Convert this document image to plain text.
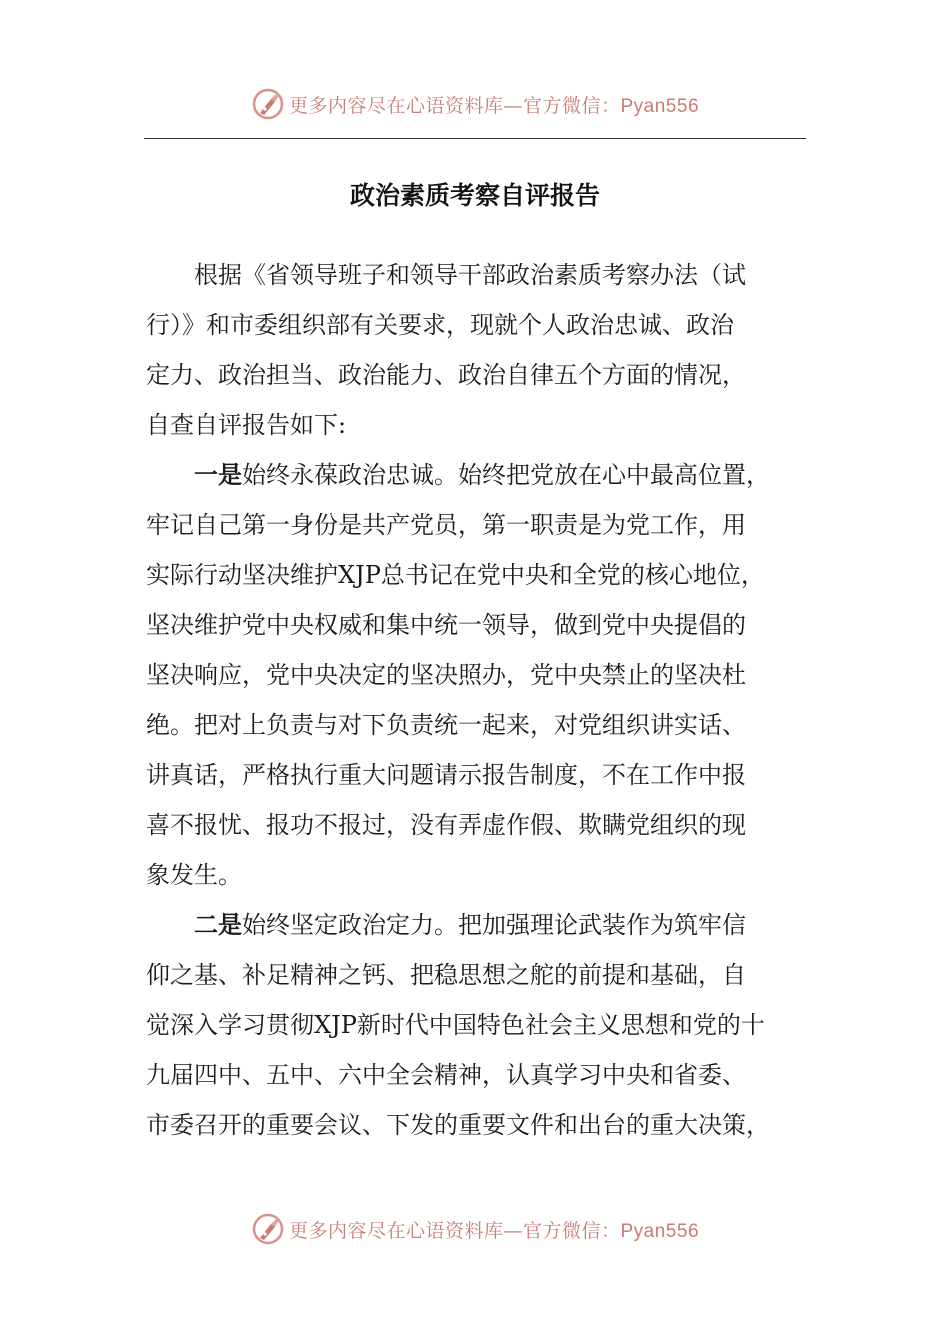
更多内容尽在心语资料库—官方微信：Pyan556
政治素质考察自评报告
根据《省领导班子和领导干部政治素质考察办法（试
行）》和市委组织部有关要求，现就个人政治忠诚、政治
定力、政治担当、政治能力、政治自律五个方面的情况，
自查自评报告如下:
一是始终永葆政治忠诚。始终把党放在心中最高位置，
牢记自己第一身份是共产党员，第一职责是为党工作，用
实际行动坚决维护XJP总书记在党中央和全党的核心地位，
坚决维护党中央权威和集中统一领导，做到党中央提倡的
坚决响应，党中央决定的坚决照办，党中央禁止的坚决杜
绝。把对上负责与对下负责统一起来，对党组织讲实话、
讲真话，严格执行重大问题请示报告制度，不在工作中报
喜不报忧、报功不报过，没有弄虚作假、欺瞒党组织的现
象发生。
二是始终坚定政治定力。把加强理论武装作为筑牢信
仰之基、补足精神之钙、把稳思想之舵的前提和基础，自
觉深入学习贯彻XJP新时代中国特色社会主义思想和党的十
九届四中、五中、六中全会精神，认真学习中央和省委、
市委召开的重要会议、下发的重要文件和出台的重大决策，
更多内容尽在心语资料库—官方微信：Pyan556
